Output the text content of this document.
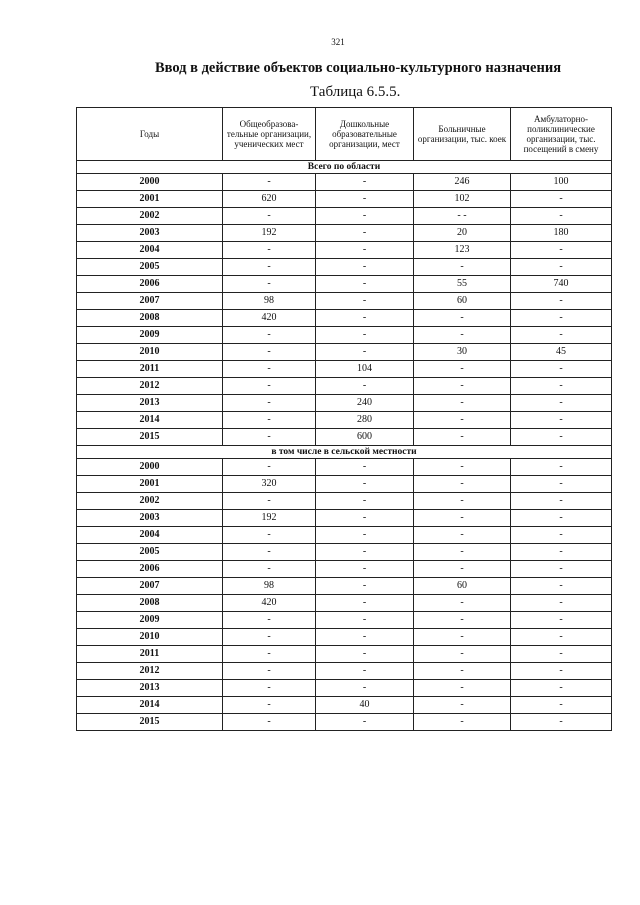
321
Ввод в действие объектов социально-культурного назначения
Таблица 6.5.5.
Годы	Общеобразова-тельные организации, ученических мест	Дошкольные образовательные организации, мест	Больничные организации, тыс. коек	Амбулаторно-поликлинические организации, тыс. посещений в смену

Всего по области				
2000	-	-	246	100
2001	620	-	102	-
2002	-	-	- -	-
2003	192	-	20	180
2004	-	-	123	-
2005	-	-	-	-
2006	-	-	55	740
2007	98	-	60	-
2008	420	-	-	-
2009	-	-	-	-
2010	-	-	30	45
2011	-	104	-	-
2012	-	-	-	-
2013	-	240	-	-
2014	-	280	-	-
2015	-	600	-	-
в том числе в сельской местности				
2000	-	-	-	-
2001	320	-	-	-
2002	-	-	-	-
2003	192	-	-	-
2004	-	-	-	-
2005	-	-	-	-
2006	-	-	-	-
2007	98	-	60	-
2008	420	-	-	-
2009	-	-	-	-
2010	-	-	-	-
2011	-	-	-	-
2012	-	-	-	-
2013	-	-	-	-
2014	-	40	-	-
2015	-	-	-	-
